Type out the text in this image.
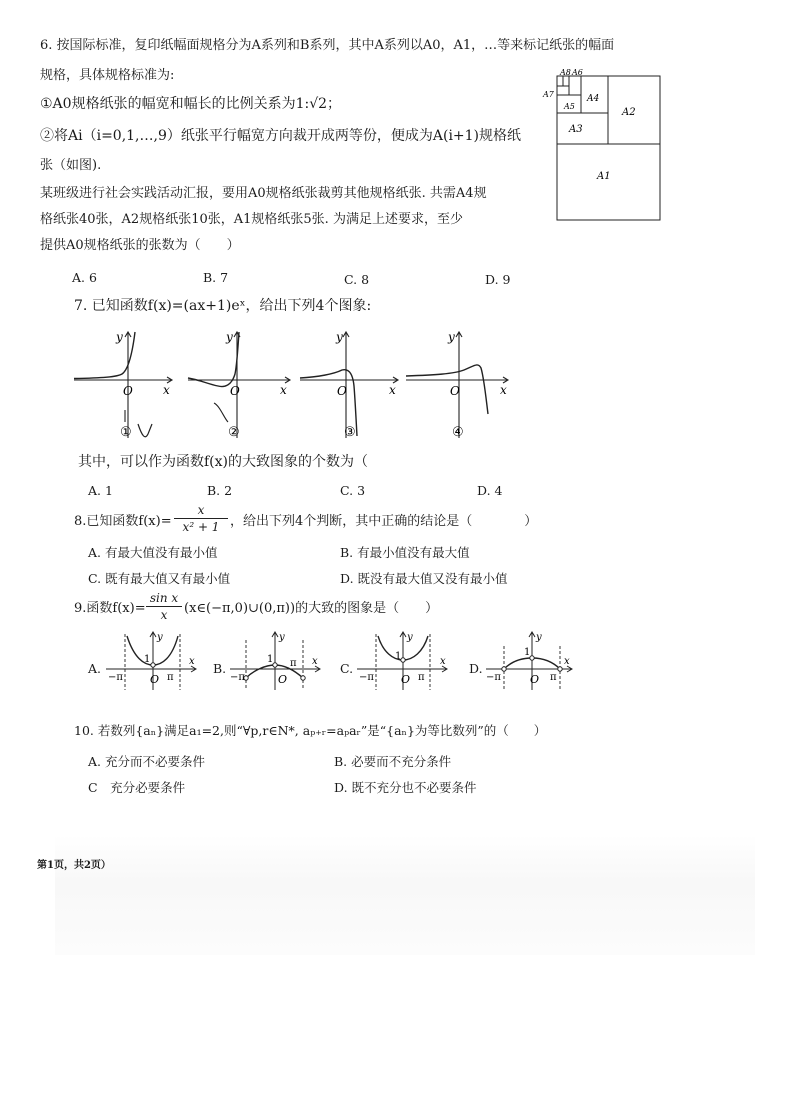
6. 按国际标准，复印纸幅面规格分为A系列和B系列，其中A系列以A0，A1，…等来标记纸张的幅面
规格，具体规格标准为:
①A0规格纸张的幅宽和幅长的比例关系为1:√2；
②将Ai（i=0,1,…,9）纸张平行幅宽方向裁开成两等份，便成为A(i+1)规格纸
张（如图).
某班级进行社会实践活动汇报，要用A0规格纸张裁剪其他规格纸张. 共需A4规
格纸张40张，A2规格纸张10张，A1规格纸张5张. 为满足上述要求，至少
提供A0规格纸张的张数为（　　）
A. 6	B. 7	C. 8	D. 9
A1
A2
A3
A4
A5
A6
A7
A8
7. 已知函数f(x)=(ax+1)eˣ，给出下列4个图象:
y
x
O
①
y
x
O
②
y
x
O
③
y
x
O
④
其中，可以作为函数f(x)的大致图象的个数为（
A. 1	B. 2	C. 3	D. 4
8.已知函数$f(x)= \frac{x}{\text{x² + 1}}$ ，给出下列4个判断，其中正确的结论是（　　　　）
A. 有最大值没有最小值	B. 有最小值没有最大值
C. 既有最大值又有最小值	D. 既没有最大值又没有最小值
9.函数$f(x)= \frac{\text{sin x}}{x}$ (x∈(−π,0)∪(0,π))的大致的图象是（　　）
A.
−π	π
1
O
y
x B.
−π
π
1
O
y
x C.
−π	π
1
O
y
x D.
−π	π
1
O
y
x
10. 若数列{aₙ}满足a₁=2,则“∀p,r∈N*, aₚ₊ᵣ=aₚaᵣ”是“{aₙ}为等比数列”的（　　）
A. 充分而不必要条件	B. 必要而不充分条件
C　充分必要条件	D. 既不充分也不必要条件
第1页，共2页）
